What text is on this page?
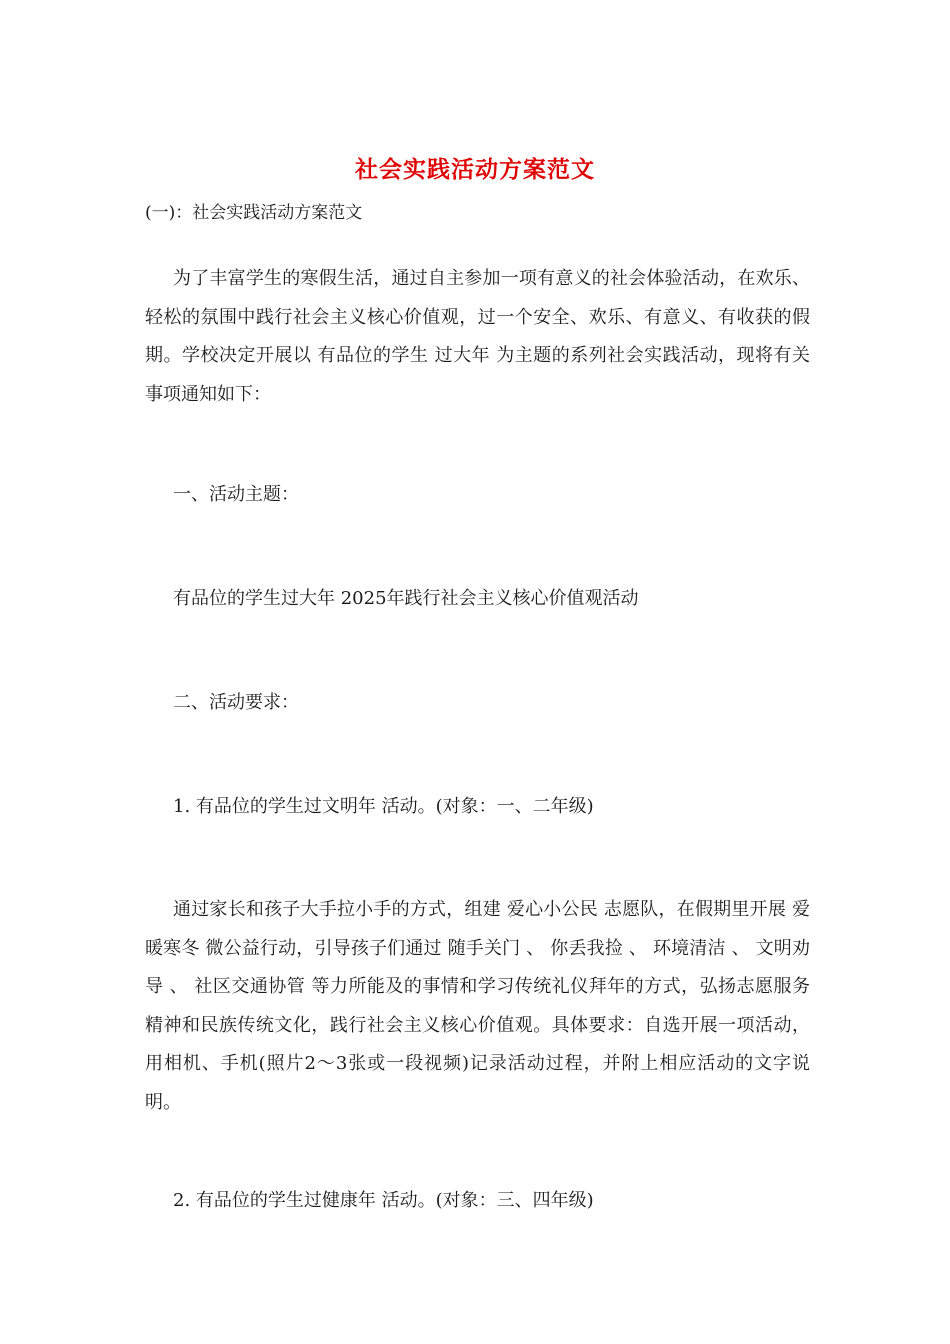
社会实践活动方案范文

(一)：社会实践活动方案范文

为了丰富学生的寒假生活，通过自主参加一项有意义的社会体验活动，在欢乐、轻松的氛围中践行社会主义核心价值观，过一个安全、欢乐、有意义、有收获的假期。学校决定开展以 有品位的学生 过大年 为主题的系列社会实践活动，现将有关事项通知如下：

一、活动主题：
有品位的学生过大年 2025年践行社会主义核心价值观活动
二、活动要求：
1. 有品位的学生过文明年 活动。(对象：一、二年级)

通过家长和孩子大手拉小手的方式，组建 爱心小公民 志愿队，在假期里开展 爱暖寒冬 微公益行动，引导孩子们通过 随手关门 、 你丢我捡 、 环境清洁 、 文明劝导 、 社区交通协管 等力所能及的事情和学习传统礼仪拜年的方式，弘扬志愿服务精神和民族传统文化，践行社会主义核心价值观。具体要求：自选开展一项活动，用相机、手机(照片2～3张或一段视频)记录活动过程，并附上相应活动的文字说明。

2. 有品位的学生过健康年 活动。(对象：三、四年级)
